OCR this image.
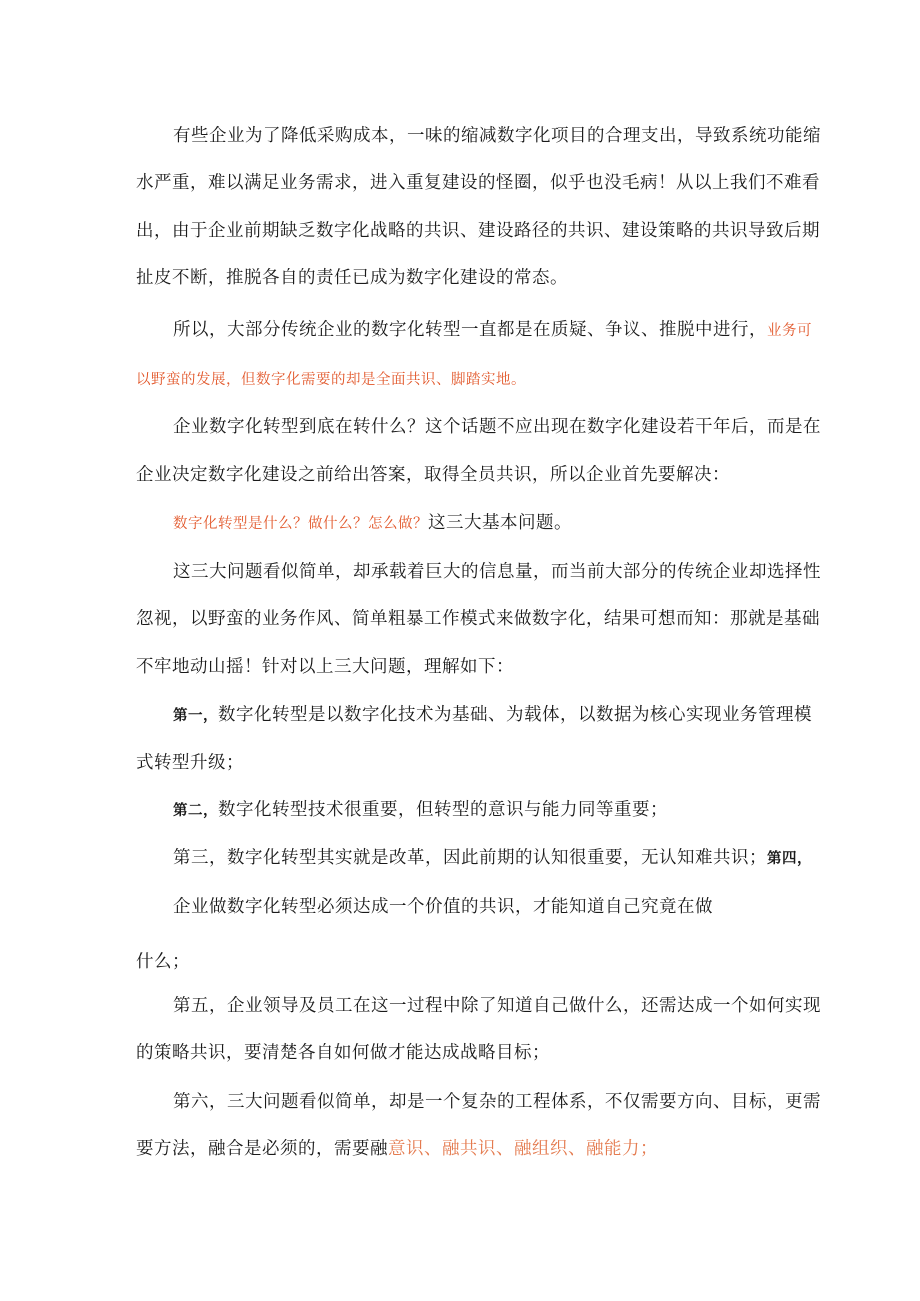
有些企业为了降低采购成本，一味的缩减数字化项目的合理支出，导致系统功能缩
水严重，难以满足业务需求，进入重复建设的怪圈，似乎也没毛病！从以上我们不难看
出，由于企业前期缺乏数字化战略的共识、建设路径的共识、建设策略的共识导致后期
扯皮不断，推脱各自的责任已成为数字化建设的常态。
所以，大部分传统企业的数字化转型一直都是在质疑、争议、推脱中进行，业务可
以野蛮的发展，但数字化需要的却是全面共识、脚踏实地。
企业数字化转型到底在转什么？这个话题不应出现在数字化建设若干年后，而是在
企业决定数字化建设之前给出答案，取得全员共识，所以企业首先要解决：
数字化转型是什么？做什么？怎么做？这三大基本问题。
这三大问题看似简单，却承载着巨大的信息量，而当前大部分的传统企业却选择性
忽视，以野蛮的业务作风、简单粗暴工作模式来做数字化，结果可想而知：那就是基础
不牢地动山摇！针对以上三大问题，理解如下：
第一，数字化转型是以数字化技术为基础、为载体，以数据为核心实现业务管理模
式转型升级；
第二，数字化转型技术很重要，但转型的意识与能力同等重要；
第三，数字化转型其实就是改革，因此前期的认知很重要，无认知难共识；第四，
企业做数字化转型必须达成一个价值的共识，才能知道自己究竟在做
什么；
第五，企业领导及员工在这一过程中除了知道自己做什么，还需达成一个如何实现
的策略共识，要清楚各自如何做才能达成战略目标；
第六，三大问题看似简单，却是一个复杂的工程体系，不仅需要方向、目标，更需
要方法，融合是必须的，需要融意识、融共识、融组织、融能力；
